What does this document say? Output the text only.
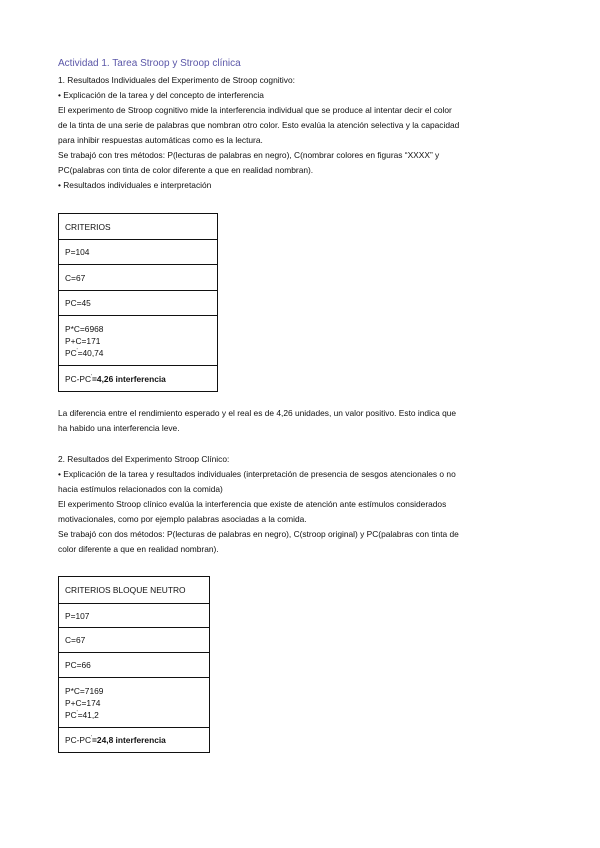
Actividad 1. Tarea Stroop y Stroop clínica

1. Resultados Individuales del Experimento de Stroop cognitivo:

• Explicación de la tarea y del concepto de interferencia

El experimento de Stroop cognitivo mide la interferencia individual que se produce al intentar decir el color

de la tinta de una serie de palabras que nombran otro color. Esto evalúa la atención selectiva y la capacidad

para inhibir respuestas automáticas como es la lectura.

Se trabajó con tres métodos: P(lecturas de palabras en negro), C(nombrar colores en figuras “XXXX” y

PC(palabras con tinta de color diferente a que en realidad nombran).

• Resultados individuales e interpretación

CRITERIOS
P=104
C=67
PC=45

P*C=6968
P+C=171
PC'=40,74

PC-PC'=4,26 interferencia

La diferencia entre el rendimiento esperado y el real es de 4,26 unidades, un valor positivo. Esto indica que

ha habido una interferencia leve.

2. Resultados del Experimento Stroop Clínico:

• Explicación de la tarea y resultados individuales (interpretación de presencia de sesgos atencionales o no

hacia estímulos relacionados con la comida)

El experimento Stroop clínico evalúa la interferencia que existe de atención ante estímulos considerados

motivacionales, como por ejemplo palabras asociadas a la comida.

Se trabajó con dos métodos: P(lecturas de palabras en negro), C(stroop original) y PC(palabras con tinta de

color diferente a que en realidad nombran).

CRITERIOS BLOQUE NEUTRO
P=107
C=67
PC=66

P*C=7169
P+C=174
PC'=41,2

PC-PC'=24,8 interferencia
